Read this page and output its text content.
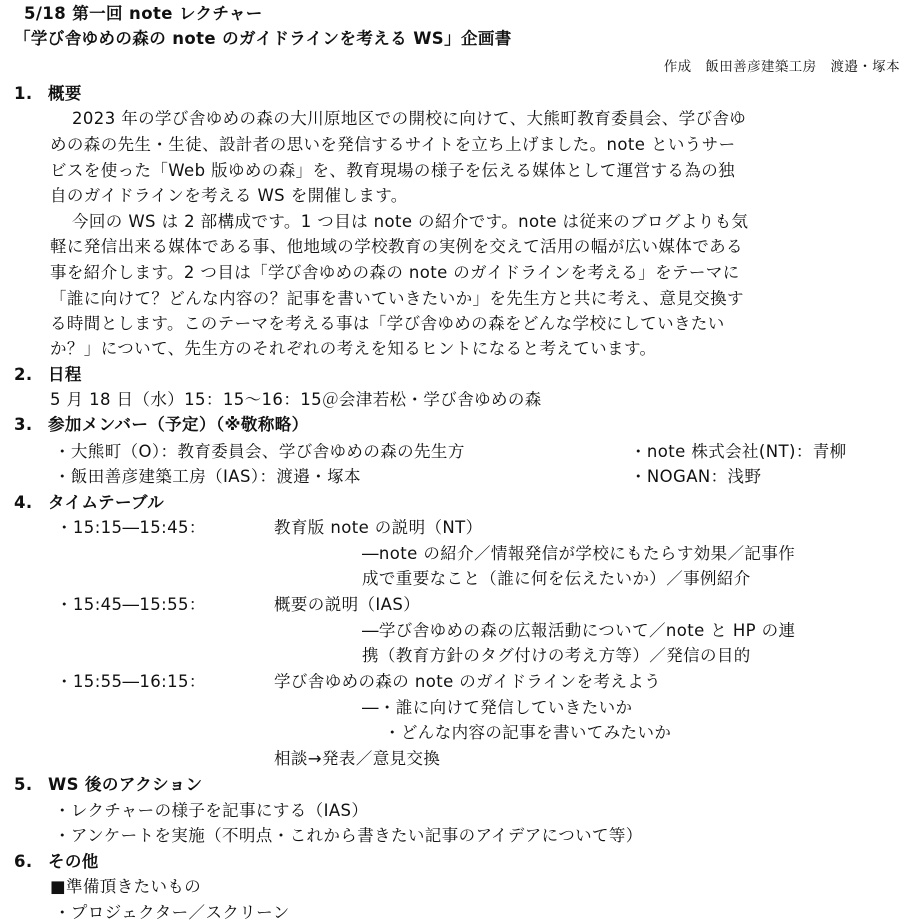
5/18 第一回 note レクチャー
「学び舎ゆめの森の note のガイドラインを考える WS」企画書
作成　飯田善彦建築工房　渡邉・塚本
1. 概要
2023 年の学び舎ゆめの森の大川原地区での開校に向けて、大熊町教育委員会、学び舎ゆ
めの森の先生・生徒、設計者の思いを発信するサイトを立ち上げました。note というサー
ビスを使った「Web 版ゆめの森」を、教育現場の様子を伝える媒体として運営する為の独
自のガイドラインを考える WS を開催します。
今回の WS は 2 部構成です。1 つ目は note の紹介です。note は従来のブログよりも気
軽に発信出来る媒体である事、他地域の学校教育の実例を交えて活用の幅が広い媒体である
事を紹介します。2 つ目は「学び舎ゆめの森の note のガイドラインを考える」をテーマに
「誰に向けて？どんな内容の？記事を書いていきたいか」を先生方と共に考え、意見交換す
る時間とします。このテーマを考える事は「学び舎ゆめの森をどんな学校にしていきたい
か？」について、先生方のそれぞれの考えを知るヒントになると考えています。
2. 日程
5 月 18 日（水）15：15～16：15＠会津若松・学び舎ゆめの森
3. 参加メンバー（予定）（※敬称略）
・大熊町（O）：教育委員会、学び舎ゆめの森の先生方	・note 株式会社(NT)：青柳
・飯田善彦建築工房（IAS）：渡邉・塚本	・NOGAN：浅野
4. タイムテーブル
・15:15―15:45：	教育版 note の説明（NT）
―note の紹介／情報発信が学校にもたらす効果／記事作
成で重要なこと（誰に何を伝えたいか）／事例紹介
・15:45―15:55：	概要の説明（IAS）
―学び舎ゆめの森の広報活動について／note と HP の連
携（教育方針のタグ付けの考え方等）／発信の目的
・15:55―16:15：	学び舎ゆめの森の note のガイドラインを考えよう
―・誰に向けて発信していきたいか
・どんな内容の記事を書いてみたいか
相談→発表／意見交換
5. WS 後のアクション
・レクチャーの様子を記事にする（IAS）
・アンケートを実施（不明点・これから書きたい記事のアイデアについて等）
6. その他
■準備頂きたいもの
・プロジェクター／スクリーン
